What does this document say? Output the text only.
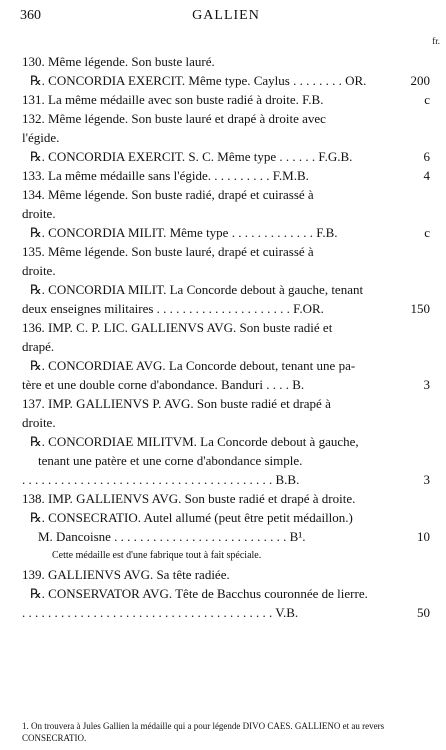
360	GALLIEN
fr.
130. Même légende. Son buste lauré.
℞. CONCORDIA EXERCIT. Même type. Caylus . . . . . . . . OR.	200
131. La même médaille avec son buste radié à droite. F.B.	c
132. Même légende. Son buste lauré et drapé à droite avec
l'égide.
℞. CONCORDIA EXERCIT. S. C. Même type . . . . . . F.G.B.	6
133. La même médaille sans l'égide. . . . . . . . . . F.M.B.	4
134. Même légende. Son buste radié, drapé et cuirassé à
droite.
℞. CONCORDIA MILIT. Même type . . . . . . . . . . . . . F.B.	c
135. Même légende. Son buste lauré, drapé et cuirassé à
droite.
℞. CONCORDIA MILIT. La Concorde debout à gauche, tenant
deux enseignes militaires . . . . . . . . . . . . . . . . . . . . . F.OR.	150
136. IMP. C. P. LIC. GALLIENVS AVG. Son buste radié et
drapé.
℞. CONCORDIAE AVG. La Concorde debout, tenant une pa-
tère et une double corne d'abondance. Banduri . . . . B.	3
137. IMP. GALLIENVS P. AVG. Son buste radié et drapé à
droite.
℞. CONCORDIAE MILITVM. La Concorde debout à gauche,
tenant une patère et une corne d'abondance simple.
. . . . . . . . . . . . . . . . . . . . . . . . . . . . . . . . . . . . . . . B.B.	3
138. IMP. GALLIENVS AVG. Son buste radié et drapé à droite.
℞. CONSECRATIO. Autel allumé (peut être petit médaillon.)
M. Dancoisne . . . . . . . . . . . . . . . . . . . . . . . . . . . B¹.	10
Cette médaille est d'une fabrique tout à fait spéciale.
139. GALLIENVS AVG. Sa tête radiée.
℞. CONSERVATOR AVG. Tête de Bacchus couronnée de lierre.
. . . . . . . . . . . . . . . . . . . . . . . . . . . . . . . . . . . . . . . V.B.	50
1. On trouvera à Jules Gallien la médaille qui a pour légende DIVO CAES. GALLIENO et au revers CONSECRATIO.
